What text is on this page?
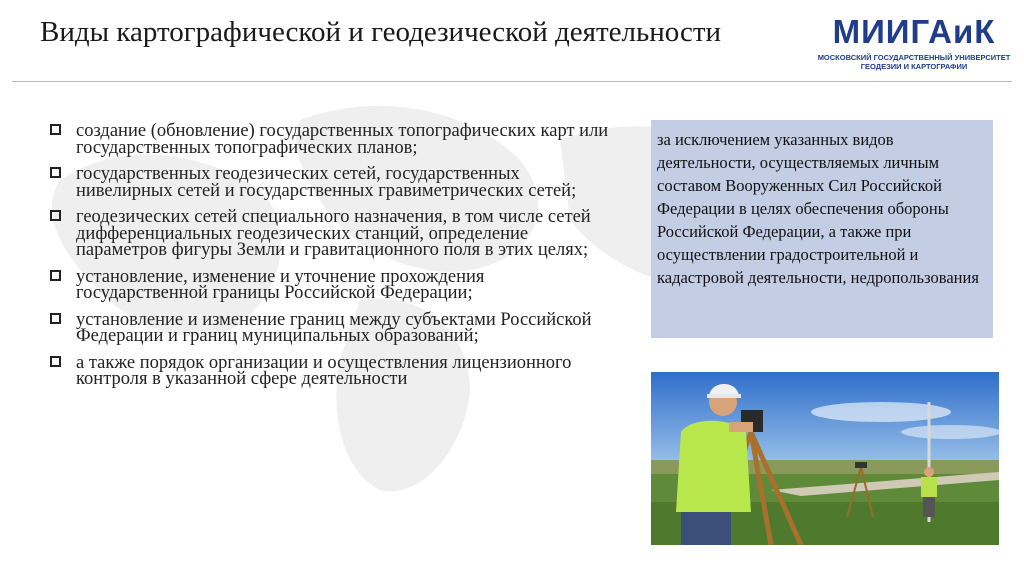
Виды картографической и геодезической деятельности	МИИГАиК
МОСКОВСКИЙ ГОСУДАРСТВЕННЫЙ УНИВЕРСИТЕТ
ГЕОДЕЗИИ И КАРТОГРАФИИ
создание (обновление) государственных топографических карт или государственных топографических планов;
государственных геодезических сетей, государственных нивелирных сетей и государственных гравиметрических сетей;
геодезических сетей специального назначения, в том числе сетей дифференциальных геодезических станций, определение параметров фигуры Земли и гравитационного поля в этих целях;
установление, изменение и уточнение прохождения государственной границы Российской Федерации;
установление и изменение границ между субъектами Российской Федерации и границ муниципальных образований;
а также порядок организации и осуществления лицензионного контроля в указанной сфере деятельности
за исключением указанных видов деятельности, осуществляемых личным составом Вооруженных Сил Российской Федерации в целях обеспечения обороны Российской Федерации, а также при осуществлении градостроительной и кадастровой деятельности, недропользования
